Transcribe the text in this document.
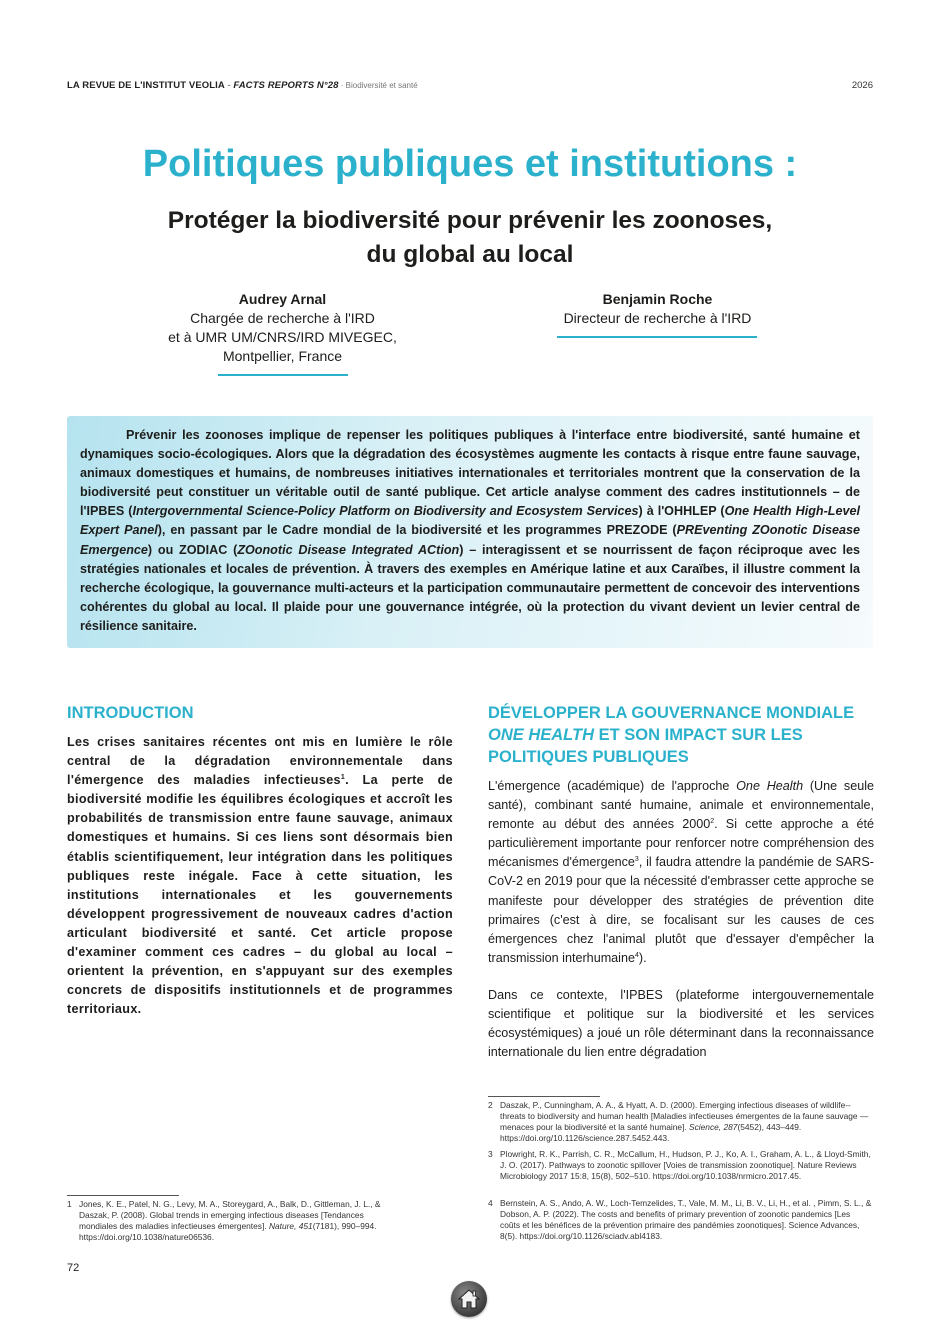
LA REVUE DE L'INSTITUT VEOLIA - FACTS REPORTS N°28 · Biodiversité et santé	2026
Politiques publiques et institutions :
Protéger la biodiversité pour prévenir les zoonoses,
du global au local
Audrey Arnal
Chargée de recherche à l'IRD
et à UMR UM/CNRS/IRD MIVEGEC,
Montpellier, France
Benjamin Roche
Directeur de recherche à l'IRD

Prévenir les zoonoses implique de repenser les politiques publiques à l'interface entre biodiversité, santé humaine et dynamiques socio-écologiques. Alors que la dégradation des écosystèmes augmente les contacts à risque entre faune sauvage, animaux domestiques et humains, de nombreuses initiatives internationales et territoriales montrent que la conservation de la biodiversité peut constituer un véritable outil de santé publique. Cet article analyse comment des cadres institutionnels – de l'IPBES (Intergovernmental Science-Policy Platform on Biodiversity and Ecosystem Services) à l'OHHLEP (One Health High-Level Expert Panel), en passant par le Cadre mondial de la biodiversité et les programmes PREZODE (PREventing ZOonotic Disease Emergence) ou ZODIAC (ZOonotic Disease Integrated ACtion) – interagissent et se nourrissent de façon réciproque avec les stratégies nationales et locales de prévention. À travers des exemples en Amérique latine et aux Caraïbes, il illustre comment la recherche écologique, la gouvernance multi-acteurs et la participation communautaire permettent de concevoir des interventions cohérentes du global au local. Il plaide pour une gouvernance intégrée, où la protection du vivant devient un levier central de résilience sanitaire.

INTRODUCTION

Les crises sanitaires récentes ont mis en lumière le rôle central de la dégradation environnementale dans l'émergence des maladies infectieuses$^1$. La perte de biodiversité modifie les équilibres écologiques et accroît les probabilités de transmission entre faune sauvage, animaux domestiques et humains. Si ces liens sont désormais bien établis scientifiquement, leur intégration dans les politiques publiques reste inégale. Face à cette situation, les institutions internationales et les gouvernements développent progressivement de nouveaux cadres d'action articulant biodiversité et santé. Cet article propose d'examiner comment ces cadres – du global au local – orientent la prévention, en s'appuyant sur des exemples concrets de dispositifs institutionnels et de programmes territoriaux.

DÉVELOPPER LA GOUVERNANCE MONDIALE
ONE HEALTH ET SON IMPACT SUR LES
POLITIQUES PUBLIQUES

L'émergence (académique) de l'approche One Health (Une seule santé), combinant santé humaine, animale et environnementale, remonte au début des années 2000$^2$. Si cette approche a été particulièrement importante pour renforcer notre compréhension des mécanismes d'émergence$^3$, il faudra attendre la pandémie de SARS-CoV-2 en 2019 pour que la nécessité d'embrasser cette approche se manifeste pour développer des stratégies de prévention dite primaires (c'est à dire, se focalisant sur les causes de ces émergences chez l'animal plutôt que d'essayer d'empêcher la transmission interhumaine$^4$).

Dans ce contexte, l'IPBES (plateforme intergouvernementale scientifique et politique sur la biodiversité et les services écosystémiques) a joué un rôle déterminant dans la reconnaissance internationale du lien entre dégradation

1 Jones, K. E., Patel, N. G., Levy, M. A., Storeygard, A., Balk, D., Gittleman, J. L., & Daszak, P. (2008). Global trends in emerging infectious diseases [Tendances mondiales des maladies infectieuses émergentes]. Nature, 451(7181), 990–994. https://doi.org/10.1038/nature06536.
2 Daszak, P., Cunningham, A. A., & Hyatt, A. D. (2000). Emerging infectious diseases of wildlife--threats to biodiversity and human health [Maladies infectieuses émergentes de la faune sauvage — menaces pour la biodiversité et la santé humaine]. Science, 287(5452), 443–449. https://doi.org/10.1126/science.287.5452.443.
3 Plowright, R. K., Parrish, C. R., McCallum, H., Hudson, P. J., Ko, A. I., Graham, A. L., & Lloyd-Smith, J. O. (2017). Pathways to zoonotic spillover [Voies de transmission zoonotique]. Nature Reviews Microbiology 2017 15:8, 15(8), 502–510. https://doi.org/10.1038/nrmicro.2017.45.
4 Bernstein, A. S., Ando, A. W., Loch-Temzelides, T., Vale, M. M., Li, B. V., Li, H., et al. , Pimm, S. L., & Dobson, A. P. (2022). The costs and benefits of primary prevention of zoonotic pandemics [Les coûts et les bénéfices de la prévention primaire des pandémies zoonotiques]. Science Advances, 8(5). https://doi.org/10.1126/sciadv.abl4183.
72
